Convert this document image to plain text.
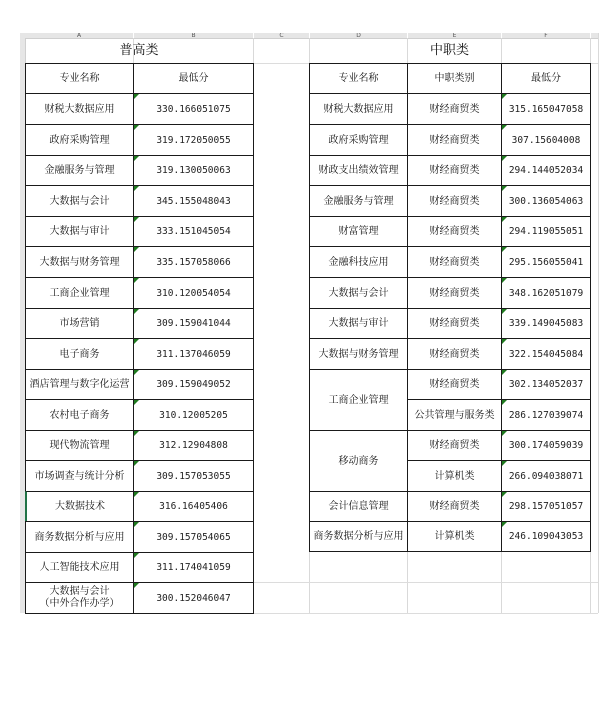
A	B	C	D	E	F
普高类	中职类
专业名称	最低分
财税大数据应用	330.166051075
政府采购管理	319.172050055
金融服务与管理	319.130050063
大数据与会计	345.155048043
大数据与审计	333.151045054
大数据与财务管理	335.157058066
工商企业管理	310.120054054
市场营销	309.159041044
电子商务	311.137046059
酒店管理与数字化运营	309.159049052
农村电子商务	310.12005205
现代物流管理	312.12904808
市场调查与统计分析	309.157053055
大数据技术	316.16405406
商务数据分析与应用	309.157054065
人工智能技术应用	311.174041059
大数据与会计
（中外合作办学）	300.152046047
专业名称	中职类别	最低分
财税大数据应用	财经商贸类	315.165047058
政府采购管理	财经商贸类	307.15604008
财政支出绩效管理	财经商贸类	294.144052034
金融服务与管理	财经商贸类	300.136054063
财富管理	财经商贸类	294.119055051
金融科技应用	财经商贸类	295.156055041
大数据与会计	财经商贸类	348.162051079
大数据与审计	财经商贸类	339.149045083
大数据与财务管理	财经商贸类	322.154045084
工商企业管理
财经商贸类	302.134052037
公共管理与服务类	286.127039074
移动商务
财经商贸类	300.174059039
计算机类	266.094038071
会计信息管理	财经商贸类	298.157051057
商务数据分析与应用	计算机类	246.109043053
